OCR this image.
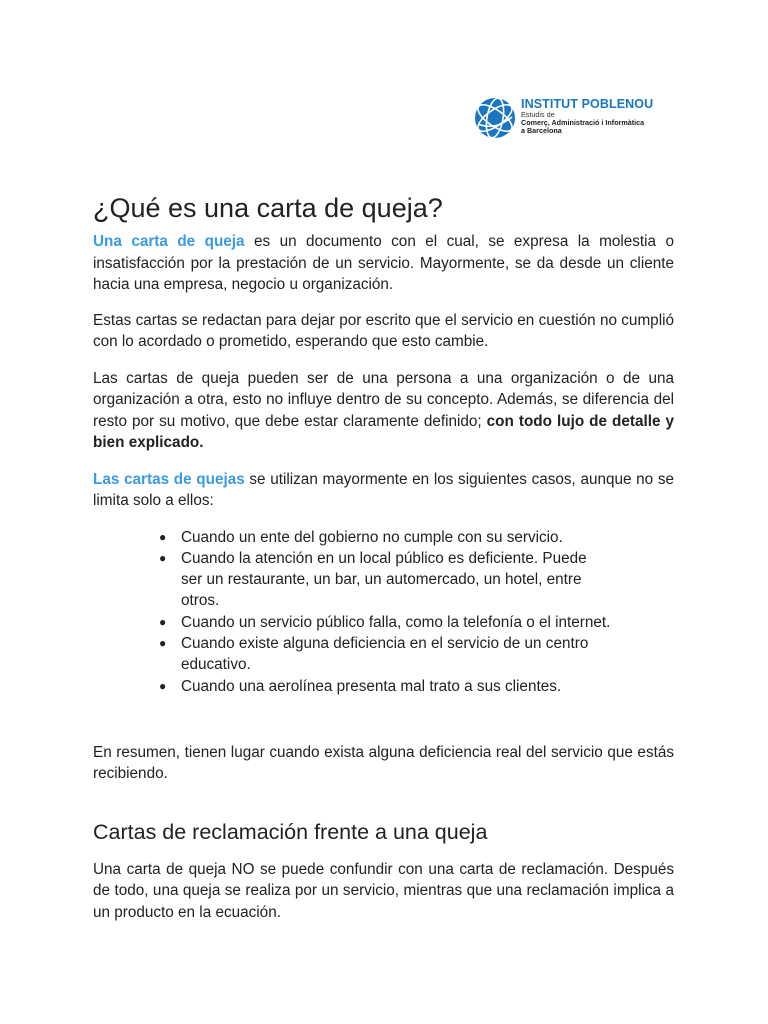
INSTITUT POBLENOU
Estudis de
Comerç, Administració i Informàtica
a Barcelona
¿Qué es una carta de queja?

Una carta de queja es un documento con el cual, se expresa la molestia o insatisfacción por la prestación de un servicio. Mayormente, se da desde un cliente hacia una empresa, negocio u organización.

Estas cartas se redactan para dejar por escrito que el servicio en cuestión no cumplió con lo acordado o prometido, esperando que esto cambie.

Las cartas de queja pueden ser de una persona a una organización o de una organización a otra, esto no influye dentro de su concepto. Además, se diferencia del resto por su motivo, que debe estar claramente definido; con todo lujo de detalle y bien explicado.

Las cartas de quejas se utilizan mayormente en los siguientes casos, aunque no se limita solo a ellos:

● Cuando un ente del gobierno no cumple con su servicio.
● Cuando la atención en un local público es deficiente. Puede ser un restaurante, un bar, un automercado, un hotel, entre otros.
● Cuando un servicio público falla, como la telefonía o el internet.
● Cuando existe alguna deficiencia en el servicio de un centro educativo.
● Cuando una aerolínea presenta mal trato a sus clientes.

En resumen, tienen lugar cuando exista alguna deficiencia real del servicio que estás recibiendo.

Cartas de reclamación frente a una queja

Una carta de queja NO se puede confundir con una carta de reclamación. Después de todo, una queja se realiza por un servicio, mientras que una reclamación implica a un producto en la ecuación.
